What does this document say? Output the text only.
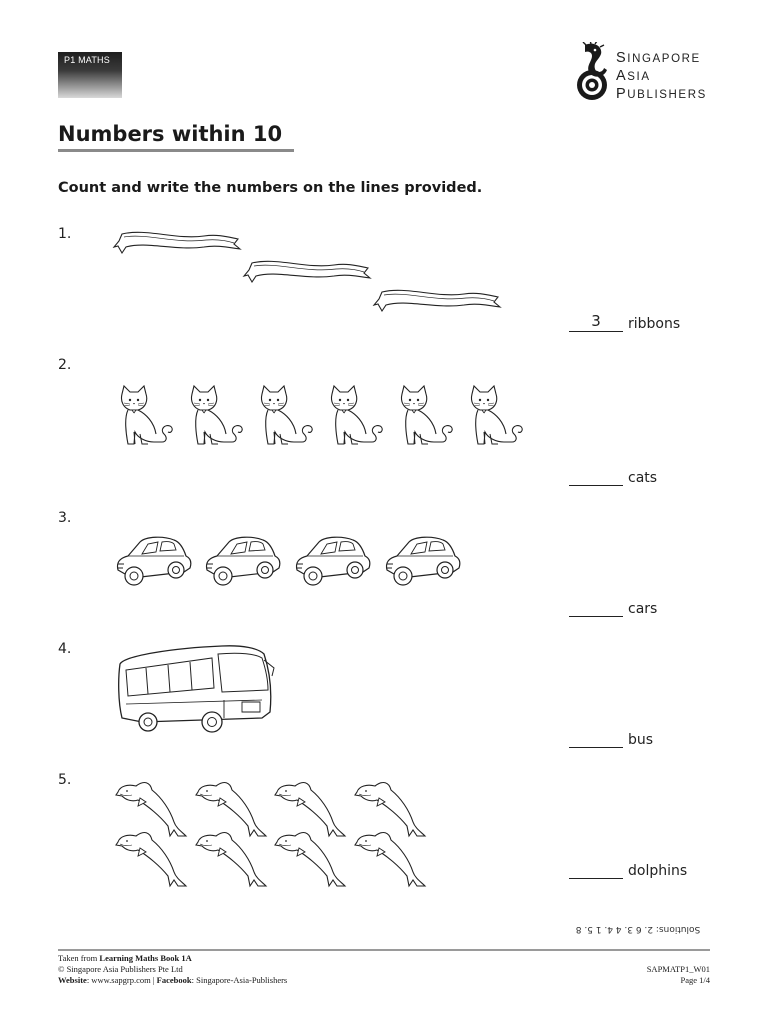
P1 MATHS	SINGAPORE
ASIA
PUBLISHERS
Numbers within 10

Count and write the numbers on the lines provided.

1.
3	ribbons
2.
cats
3.
cars
4.
bus
5.
dolphins
Solutions: 2. 6 3. 4 4. 1 5. 8
Taken from Learning Maths Book 1A
© Singapore Asia Publishers Pte Ltd
Website: www.sapgrp.com | Facebook: Singapore-Asia-Publishers
SAPMATP1_W01
Page 1/4
